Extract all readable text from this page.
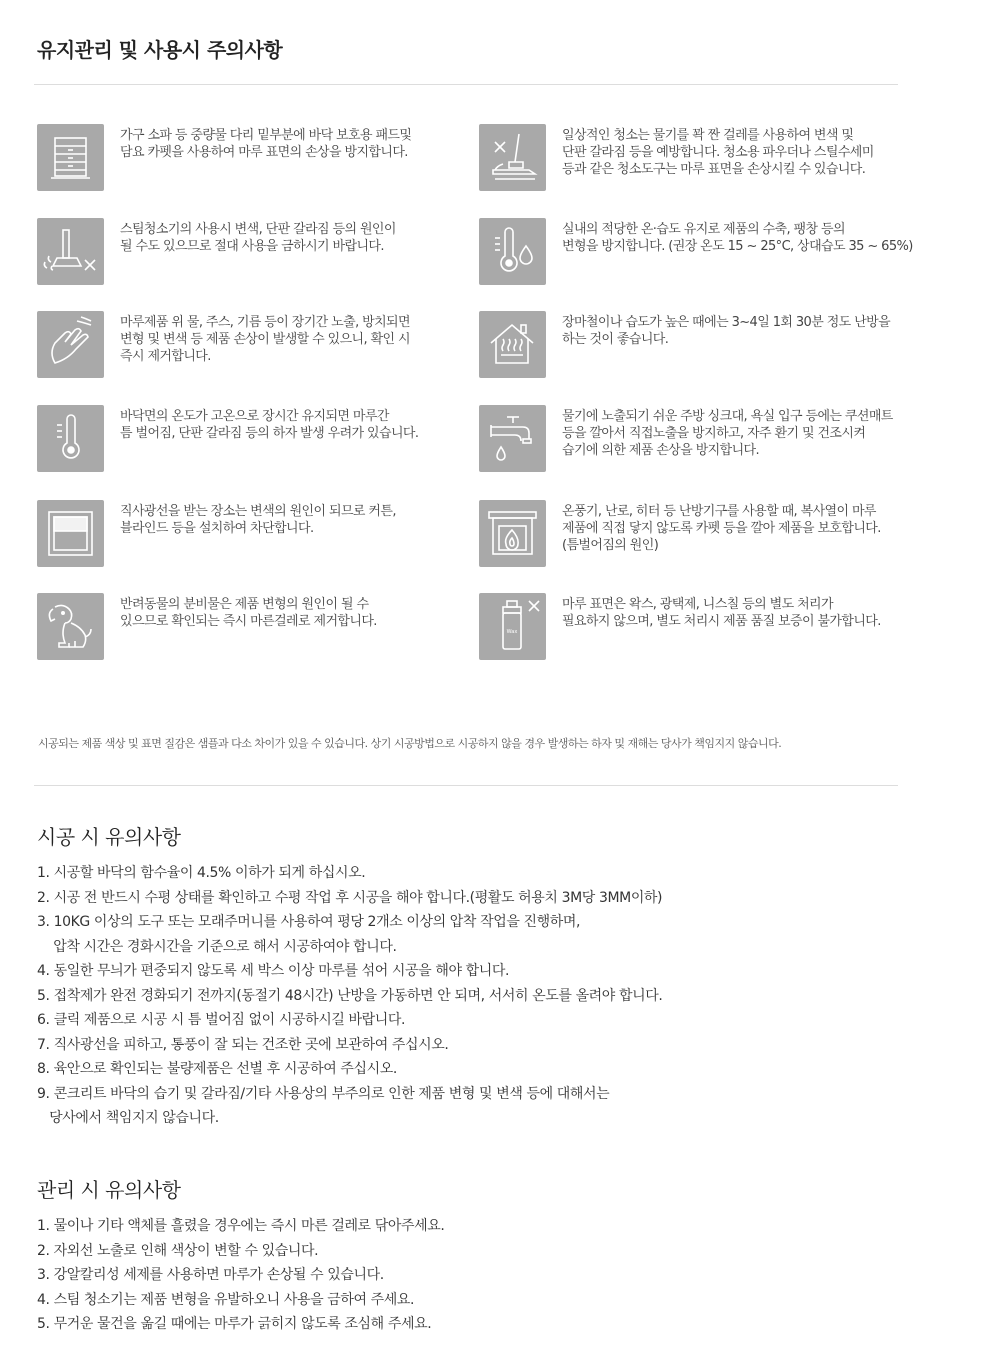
유지관리 및 사용시 주의사항
가구 소파 등 중량물 다리 밑부분에 바닥 보호용 패드및
담요 카펫을 사용하여 마루 표면의 손상을 방지합니다.
일상적인 청소는 물기를 꽉 짠 걸레를 사용하여 변색 및
단판 갈라짐 등을 예방합니다. 청소용 파우더나 스틸수세미
등과 같은 청소도구는 마루 표면을 손상시킬 수 있습니다.
스팀청소기의 사용시 변색, 단판 갈라짐 등의 원인이
될 수도 있으므로 절대 사용을 금하시기 바랍니다.
실내의 적당한 온·습도 유지로 제품의 수축, 팽창 등의
변형을 방지합니다. (권장 온도 15 ~ 25°C, 상대습도 35 ~ 65%)
마루제품 위 물, 주스, 기름 등이 장기간 노출, 방치되면
변형 및 변색 등 제품 손상이 발생할 수 있으니, 확인 시
즉시 제거합니다.
장마철이나 습도가 높은 때에는 3~4일 1회 30분 정도 난방을
하는 것이 좋습니다.
바닥면의 온도가 고온으로 장시간 유지되면 마루간
틈 벌어짐, 단판 갈라짐 등의 하자 발생 우려가 있습니다.
물기에 노출되기 쉬운 주방 싱크대, 욕실 입구 등에는 쿠션매트
등을 깔아서 직접노출을 방지하고, 자주 환기 및 건조시켜
습기에 의한 제품 손상을 방지합니다.
직사광선을 받는 장소는 변색의 원인이 되므로 커튼,
블라인드 등을 설치하여 차단합니다.
온풍기, 난로, 히터 등 난방기구를 사용할 때, 복사열이 마루
제품에 직접 닿지 않도록 카펫 등을 깔아 제품을 보호합니다.
(틈벌어짐의 원인)
반려동물의 분비물은 제품 변형의 원인이 될 수
있으므로 확인되는 즉시 마른걸레로 제거합니다.
Wax
마루 표면은 왁스, 광택제, 니스칠 등의 별도 처리가
필요하지 않으며, 별도 처리시 제품 품질 보증이 불가합니다.
시공되는 제품 색상 및 표면 질감은 샘플과 다소 차이가 있을 수 있습니다. 상기 시공방법으로 시공하지 않을 경우 발생하는 하자 및 재해는 당사가 책임지지 않습니다.
시공 시 유의사항
1. 시공할 바닥의 함수율이 4.5% 이하가 되게 하십시오.
2. 시공 전 반드시 수평 상태를 확인하고 수평 작업 후 시공을 해야 합니다.(평활도 허용치 3M당 3MM이하)
3. 10KG 이상의 도구 또는 모래주머니를 사용하여 평당 2개소 이상의 압착 작업을 진행하며,
압착 시간은 경화시간을 기준으로 해서 시공하여야 합니다.
4. 동일한 무늬가 편중되지 않도록 세 박스 이상 마루를 섞어 시공을 해야 합니다.
5. 접착제가 완전 경화되기 전까지(동절기 48시간) 난방을 가동하면 안 되며, 서서히 온도를 올려야 합니다.
6. 클릭 제품으로 시공 시 틈 벌어짐 없이 시공하시길 바랍니다.
7. 직사광선을 피하고, 통풍이 잘 되는 건조한 곳에 보관하여 주십시오.
8. 육안으로 확인되는 불량제품은 선별 후 시공하여 주십시오.
9. 콘크리트 바닥의 습기 및 갈라짐/기타 사용상의 부주의로 인한 제품 변형 및 변색 등에 대해서는
당사에서 책임지지 않습니다.
관리 시 유의사항
1. 물이나 기타 액체를 흘렸을 경우에는 즉시 마른 걸레로 닦아주세요.
2. 자외선 노출로 인해 색상이 변할 수 있습니다.
3. 강알칼리성 세제를 사용하면 마루가 손상될 수 있습니다.
4. 스팀 청소기는 제품 변형을 유발하오니 사용을 금하여 주세요.
5. 무거운 물건을 옮길 때에는 마루가 긁히지 않도록 조심해 주세요.
